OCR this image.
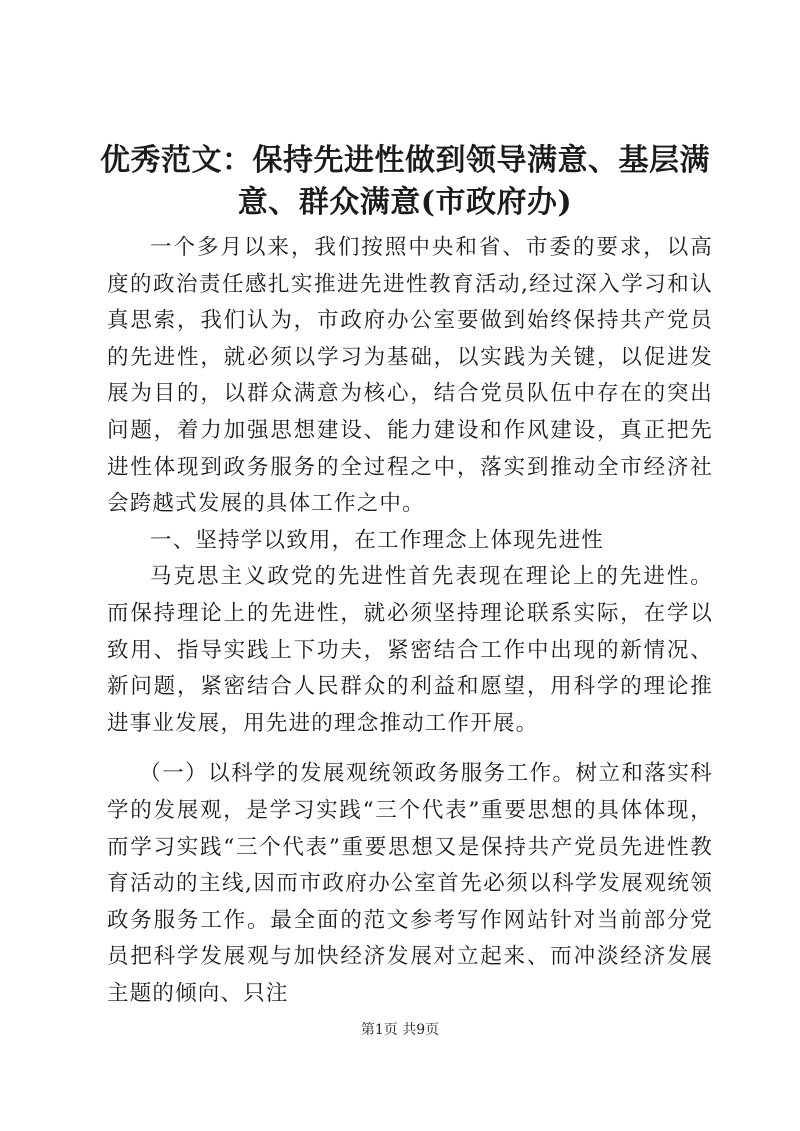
优秀范文：保持先进性做到领导满意、基层满意、群众满意(市政府办)

一个多月以来，我们按照中央和省、市委的要求，以高度的政治责任感扎实推进先进性教育活动,经过深入学习和认真思索，我们认为，市政府办公室要做到始终保持共产党员的先进性，就必须以学习为基础，以实践为关键，以促进发展为目的，以群众满意为核心，结合党员队伍中存在的突出问题，着力加强思想建设、能力建设和作风建设，真正把先进性体现到政务服务的全过程之中，落实到推动全市经济社会跨越式发展的具体工作之中。

一、坚持学以致用，在工作理念上体现先进性

马克思主义政党的先进性首先表现在理论上的先进性。而保持理论上的先进性，就必须坚持理论联系实际，在学以致用、指导实践上下功夫，紧密结合工作中出现的新情况、新问题，紧密结合人民群众的利益和愿望，用科学的理论推进事业发展，用先进的理念推动工作开展。

（一）以科学的发展观统领政务服务工作。树立和落实科学的发展观，是学习实践“三个代表”重要思想的具体体现，而学习实践“三个代表”重要思想又是保持共产党员先进性教育活动的主线,因而市政府办公室首先必须以科学发展观统领政务服务工作。最全面的范文参考写作网站针对当前部分党员把科学发展观与加快经济发展对立起来、而冲淡经济发展主题的倾向、只注

第1页 共9页
